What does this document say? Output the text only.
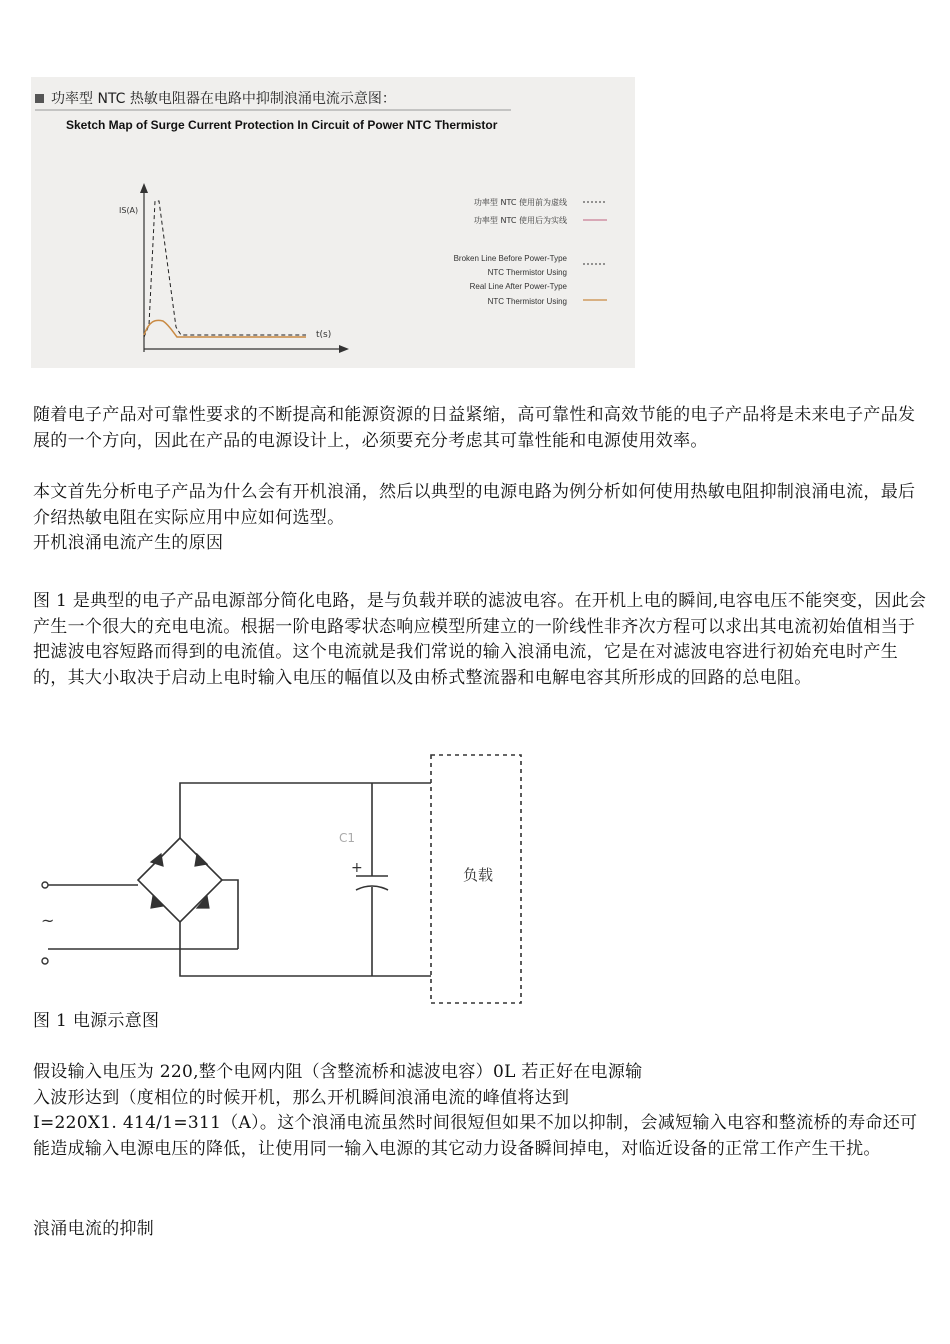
功率型 NTC 热敏电阻器在电路中抑制浪涌电流示意图：
Sketch Map of Surge Current Protection In Circuit of Power NTC Thermistor
IS(A)
t(s)
功率型 NTC 使用前为虚线
功率型 NTC 使用后为实线
Broken Line Before Power-Type
NTC Thermistor Using
Real Line After Power-Type
NTC Thermistor Using

随着电子产品对可靠性要求的不断提高和能源资源的日益紧缩，高可靠性和高效节能的电子产品将是未来电子产品发展的一个方向，因此在产品的电源设计上，必须要充分考虑其可靠性能和电源使用效率。

本文首先分析电子产品为什么会有开机浪涌，然后以典型的电源电路为例分析如何使用热敏电阻抑制浪涌电流，最后介绍热敏电阻在实际应用中应如何选型。

开机浪涌电流产生的原因

图 1 是典型的电子产品电源部分简化电路，是与负载并联的滤波电容。在开机上电的瞬间,电容电压不能突变，因此会产生一个很大的充电电流。根据一阶电路零状态响应模型所建立的一阶线性非齐次方程可以求出其电流初始值相当于把滤波电容短路而得到的电流值。这个电流就是我们常说的输入浪涌电流，它是在对滤波电容进行初始充电时产生的，其大小取决于启动上电时输入电压的幅值以及由桥式整流器和电解电容其所形成的回路的总电阻。

~
C1
+	负载

图 1 电源示意图

假设输入电压为 220,整个电网内阻（含整流桥和滤波电容）0L 若正好在电源输

入波形达到（度相位的时候开机，那么开机瞬间浪涌电流的峰值将达到

I=220X1. 414/1=311（A）。这个浪涌电流虽然时间很短但如果不加以抑制，会减短输入电容和整流桥的寿命还可能造成输入电源电压的降低，让使用同一输入电源的其它动力设备瞬间掉电，对临近设备的正常工作产生干扰。

浪涌电流的抑制
